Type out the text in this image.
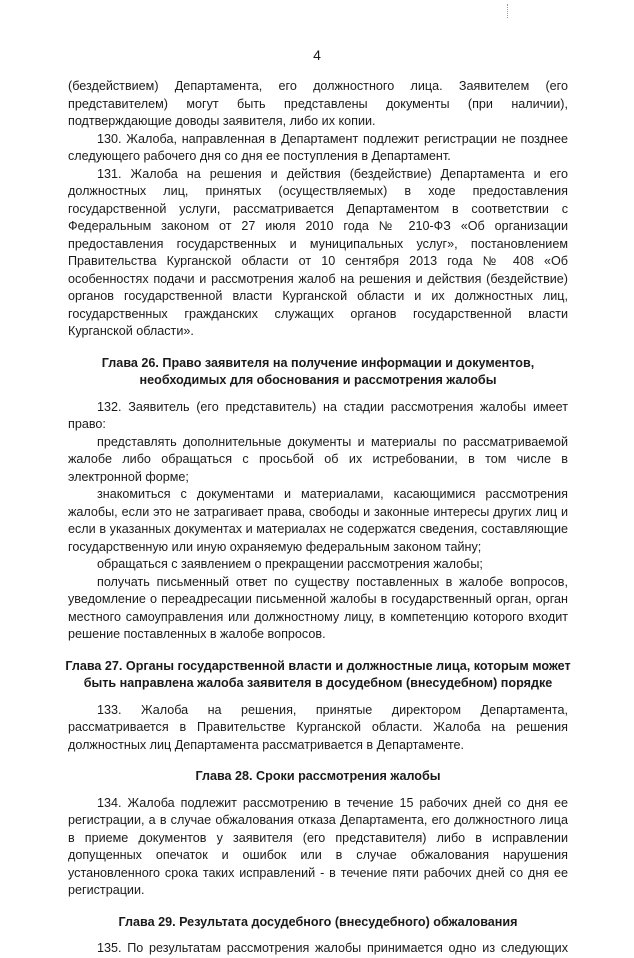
4

(бездействием) Департамента, его должностного лица. Заявителем (его представителем) могут быть представлены документы (при наличии), подтверждающие доводы заявителя, либо их копии.

130. Жалоба, направленная в Департамент подлежит регистрации не позднее следующего рабочего дня со дня ее поступления в Департамент.

131. Жалоба на решения и действия (бездействие) Департамента и его должностных лиц, принятых (осуществляемых) в ходе предоставления государственной услуги, рассматривается Департаментом в соответствии с Федеральным законом от 27 июля 2010 года № 210-ФЗ «Об организации предоставления государственных и муниципальных услуг», постановлением Правительства Курганской области от 10 сентября 2013 года № 408 «Об особенностях подачи и рассмотрения жалоб на решения и действия (бездействие) органов государственной власти Курганской области и их должностных лиц, государственных гражданских служащих органов государственной власти Курганской области».

Глава 26. Право заявителя на получение информации и документов,

необходимых для обоснования и рассмотрения жалобы

132. Заявитель (его представитель) на стадии рассмотрения жалобы имеет право:

представлять дополнительные документы и материалы по рассматриваемой жалобе либо обращаться с просьбой об их истребовании, в том числе в электронной форме;

знакомиться с документами и материалами, касающимися рассмотрения жалобы, если это не затрагивает права, свободы и законные интересы других лиц и если в указанных документах и материалах не содержатся сведения, составляющие государственную или иную охраняемую федеральным законом тайну;

обращаться с заявлением о прекращении рассмотрения жалобы;

получать письменный ответ по существу поставленных в жалобе вопросов, уведомление о переадресации письменной жалобы в государственный орган, орган местного самоуправления или должностному лицу, в компетенцию которого входит решение поставленных в жалобе вопросов.

Глава 27. Органы государственной власти и должностные лица, которым может

быть направлена жалоба заявителя в досудебном (внесудебном) порядке

133. Жалоба на решения, принятые директором Департамента, рассматривается в Правительстве Курганской области. Жалоба на решения должностных лиц Департамента рассматривается в Департаменте.

Глава 28. Сроки рассмотрения жалобы

134. Жалоба подлежит рассмотрению в течение 15 рабочих дней со дня ее регистрации, а в случае обжалования отказа Департамента, его должностного лица в приеме документов у заявителя (его представителя) либо в исправлении допущенных опечаток и ошибок или в случае обжалования нарушения установленного срока таких исправлений - в течение пяти рабочих дней со дня ее регистрации.

Глава 29. Результата досудебного (внесудебного) обжалования

135. По результатам рассмотрения жалобы принимается одно из следующих
